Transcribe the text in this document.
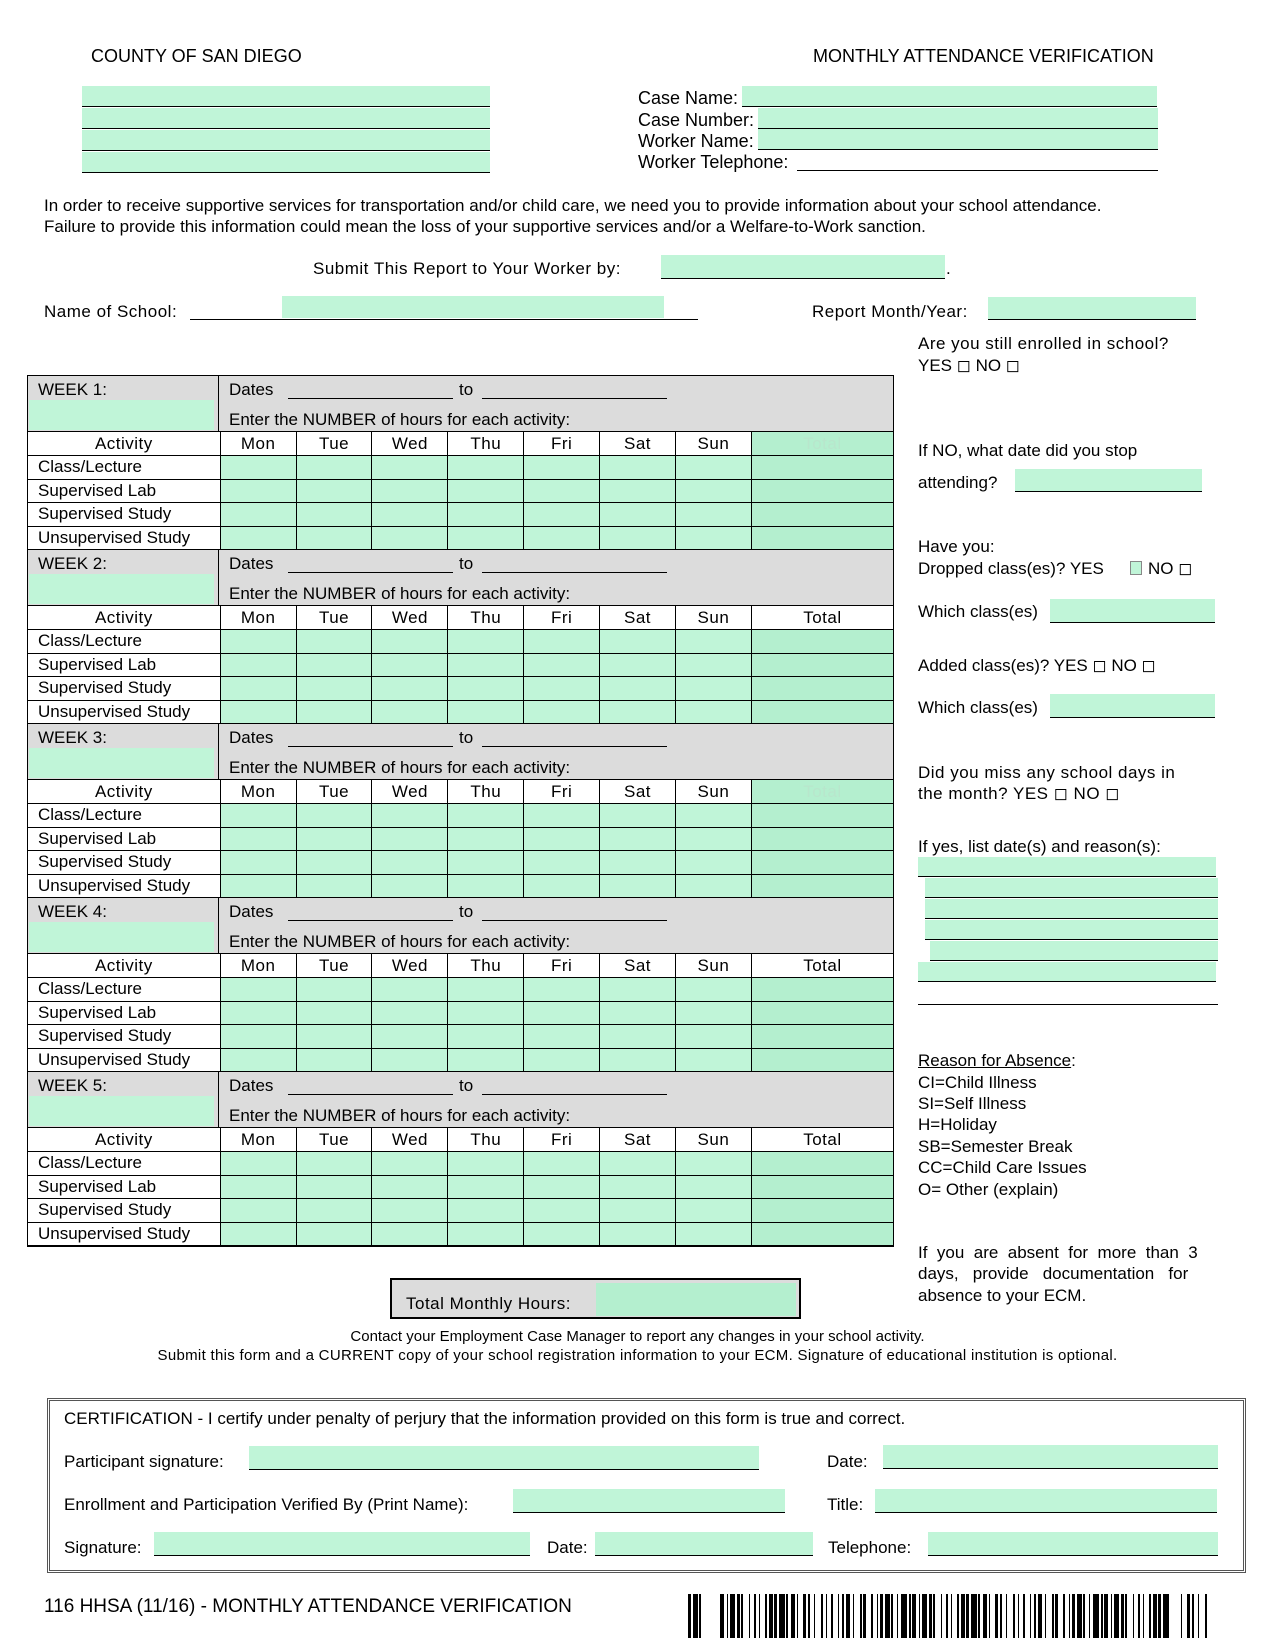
COUNTY OF SAN DIEGO	MONTHLY ATTENDANCE VERIFICATION
Case Name:
Case Number:
Worker Name:
Worker Telephone:
In order to receive supportive services for transportation and/or child care, we need you to provide information about your school attendance.
Failure to provide this information could mean the loss of your supportive services and/or a Welfare-to-Work sanction.
Submit This Report to Your Worker by:	.
Name of School:	Report Month/Year:
WEEK 1:	Dates	to
Enter the NUMBER of hours for each activity:
Activity	Mon	Tue	Wed	Thu	Fri	Sat	Sun	Total
Class/Lecture								
Supervised Lab								
Supervised Study								
Unsupervised Study								
WEEK 2:	Dates	to
Enter the NUMBER of hours for each activity:
Activity	Mon	Tue	Wed	Thu	Fri	Sat	Sun	Total
Class/Lecture								
Supervised Lab								
Supervised Study								
Unsupervised Study								
WEEK 3:	Dates	to
Enter the NUMBER of hours for each activity:
Activity	Mon	Tue	Wed	Thu	Fri	Sat	Sun	Total
Class/Lecture								
Supervised Lab								
Supervised Study								
Unsupervised Study								
WEEK 4:	Dates	to
Enter the NUMBER of hours for each activity:
Activity	Mon	Tue	Wed	Thu	Fri	Sat	Sun	Total
Class/Lecture								
Supervised Lab								
Supervised Study								
Unsupervised Study								
WEEK 5:	Dates	to
Enter the NUMBER of hours for each activity:
Activity	Mon	Tue	Wed	Thu	Fri	Sat	Sun	Total
Class/Lecture								
Supervised Lab								
Supervised Study								
Unsupervised Study								
Total Monthly Hours:
Are you still enrolled in school?
YES ◻ NO ◻
If NO, what date did you stop
attending?
Have you:
Dropped class(es)? YES	NO ◻
Which class(es)
Added class(es)? YES ◻ NO ◻
Which class(es)
Did you miss any school days in
the month? YES ◻ NO ◻
If yes, list date(s) and reason(s):
Reason for Absence:
CI=Child Illness
SI=Self Illness
H=Holiday
SB=Semester Break
CC=Child Care Issues
O= Other (explain)
If  you  are  absent  for  more  than  3
days,   provide   documentation   for
absence to your ECM.
Contact your Employment Case Manager to report any changes in your school activity.
Submit this form and a CURRENT copy of your school registration information to your ECM. Signature of educational institution is optional.
CERTIFICATION - I certify under penalty of perjury that the information provided on this form is true and correct.
Participant signature:	Date:
Enrollment and Participation Verified By (Print Name):	Title:
Signature:	Date:	Telephone:
116 HHSA (11/16) - MONTHLY ATTENDANCE VERIFICATION
